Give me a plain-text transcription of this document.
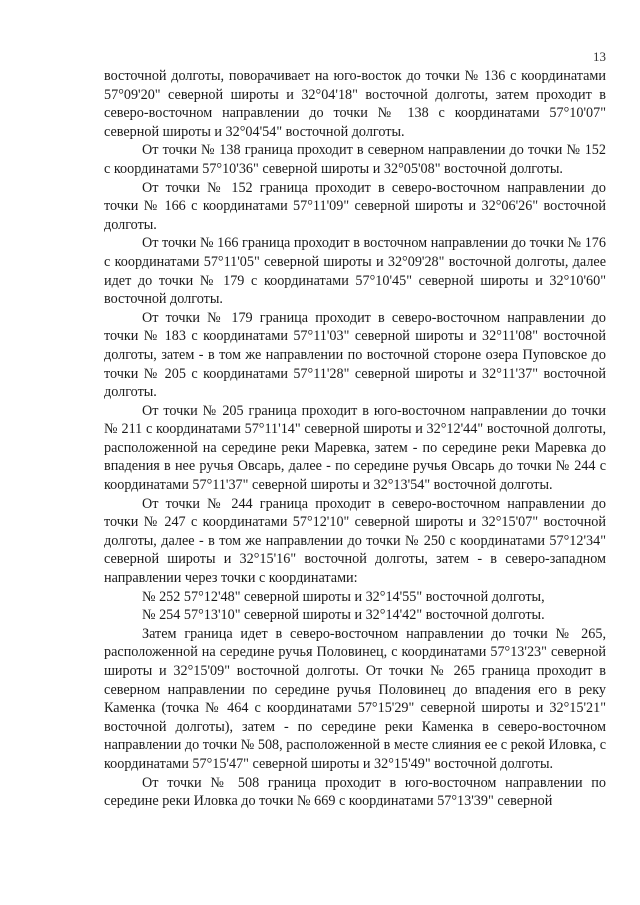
13

восточной долготы, поворачивает на юго-восток до точки № 136 с координатами 57°09'20" северной широты и 32°04'18" восточной долготы, затем проходит в северо-восточном направлении до точки № 138 с координатами 57°10'07" северной широты и 32°04'54" восточной долготы.

От точки № 138 граница проходит в северном направлении до точки № 152 с координатами 57°10'36" северной широты и 32°05'08" восточной долготы.

От точки № 152 граница проходит в северо-восточном направлении до точки № 166 с координатами 57°11'09" северной широты и 32°06'26" восточной долготы.

От точки № 166 граница проходит в восточном направлении до точки № 176 с координатами 57°11'05" северной широты и 32°09'28" восточной долготы, далее идет до точки № 179 с координатами 57°10'45" северной широты и 32°10'60" восточной долготы.

От точки № 179 граница проходит в северо-восточном направлении до точки № 183 с координатами 57°11'03" северной широты и 32°11'08" восточной долготы, затем - в том же направлении по восточной стороне озера Пуповское до точки № 205 с координатами 57°11'28" северной широты и 32°11'37" восточной долготы.

От точки № 205 граница проходит в юго-восточном направлении до точки № 211 с координатами 57°11'14" северной широты и 32°12'44" восточной долготы, расположенной на середине реки Маревка, затем - по середине реки Маревка до впадения в нее ручья Овсарь, далее - по середине ручья Овсарь до точки № 244 с координатами 57°11'37" северной широты и 32°13'54" восточной долготы.

От точки № 244 граница проходит в северо-восточном направлении до точки № 247 с координатами 57°12'10" северной широты и 32°15'07" восточной долготы, далее - в том же направлении до точки № 250 с координатами 57°12'34" северной широты и 32°15'16" восточной долготы, затем - в северо-западном направлении через точки с координатами:

№ 252 57°12'48" северной широты и 32°14'55" восточной долготы,

№ 254 57°13'10" северной широты и 32°14'42" восточной долготы.

Затем граница идет в северо-восточном направлении до точки № 265, расположенной на середине ручья Половинец, с координатами 57°13'23" северной широты и 32°15'09" восточной долготы. От точки № 265 граница проходит в северном направлении по середине ручья Половинец до впадения его в реку Каменка (точка № 464 с координатами 57°15'29" северной широты и 32°15'21" восточной долготы), затем - по середине реки Каменка в северо-восточном направлении до точки № 508, расположенной в месте слияния ее с рекой Иловка, с координатами 57°15'47" северной широты и 32°15'49" восточной долготы.

От точки № 508 граница проходит в юго-восточном направлении по середине реки Иловка до точки № 669 с координатами 57°13'39" северной
